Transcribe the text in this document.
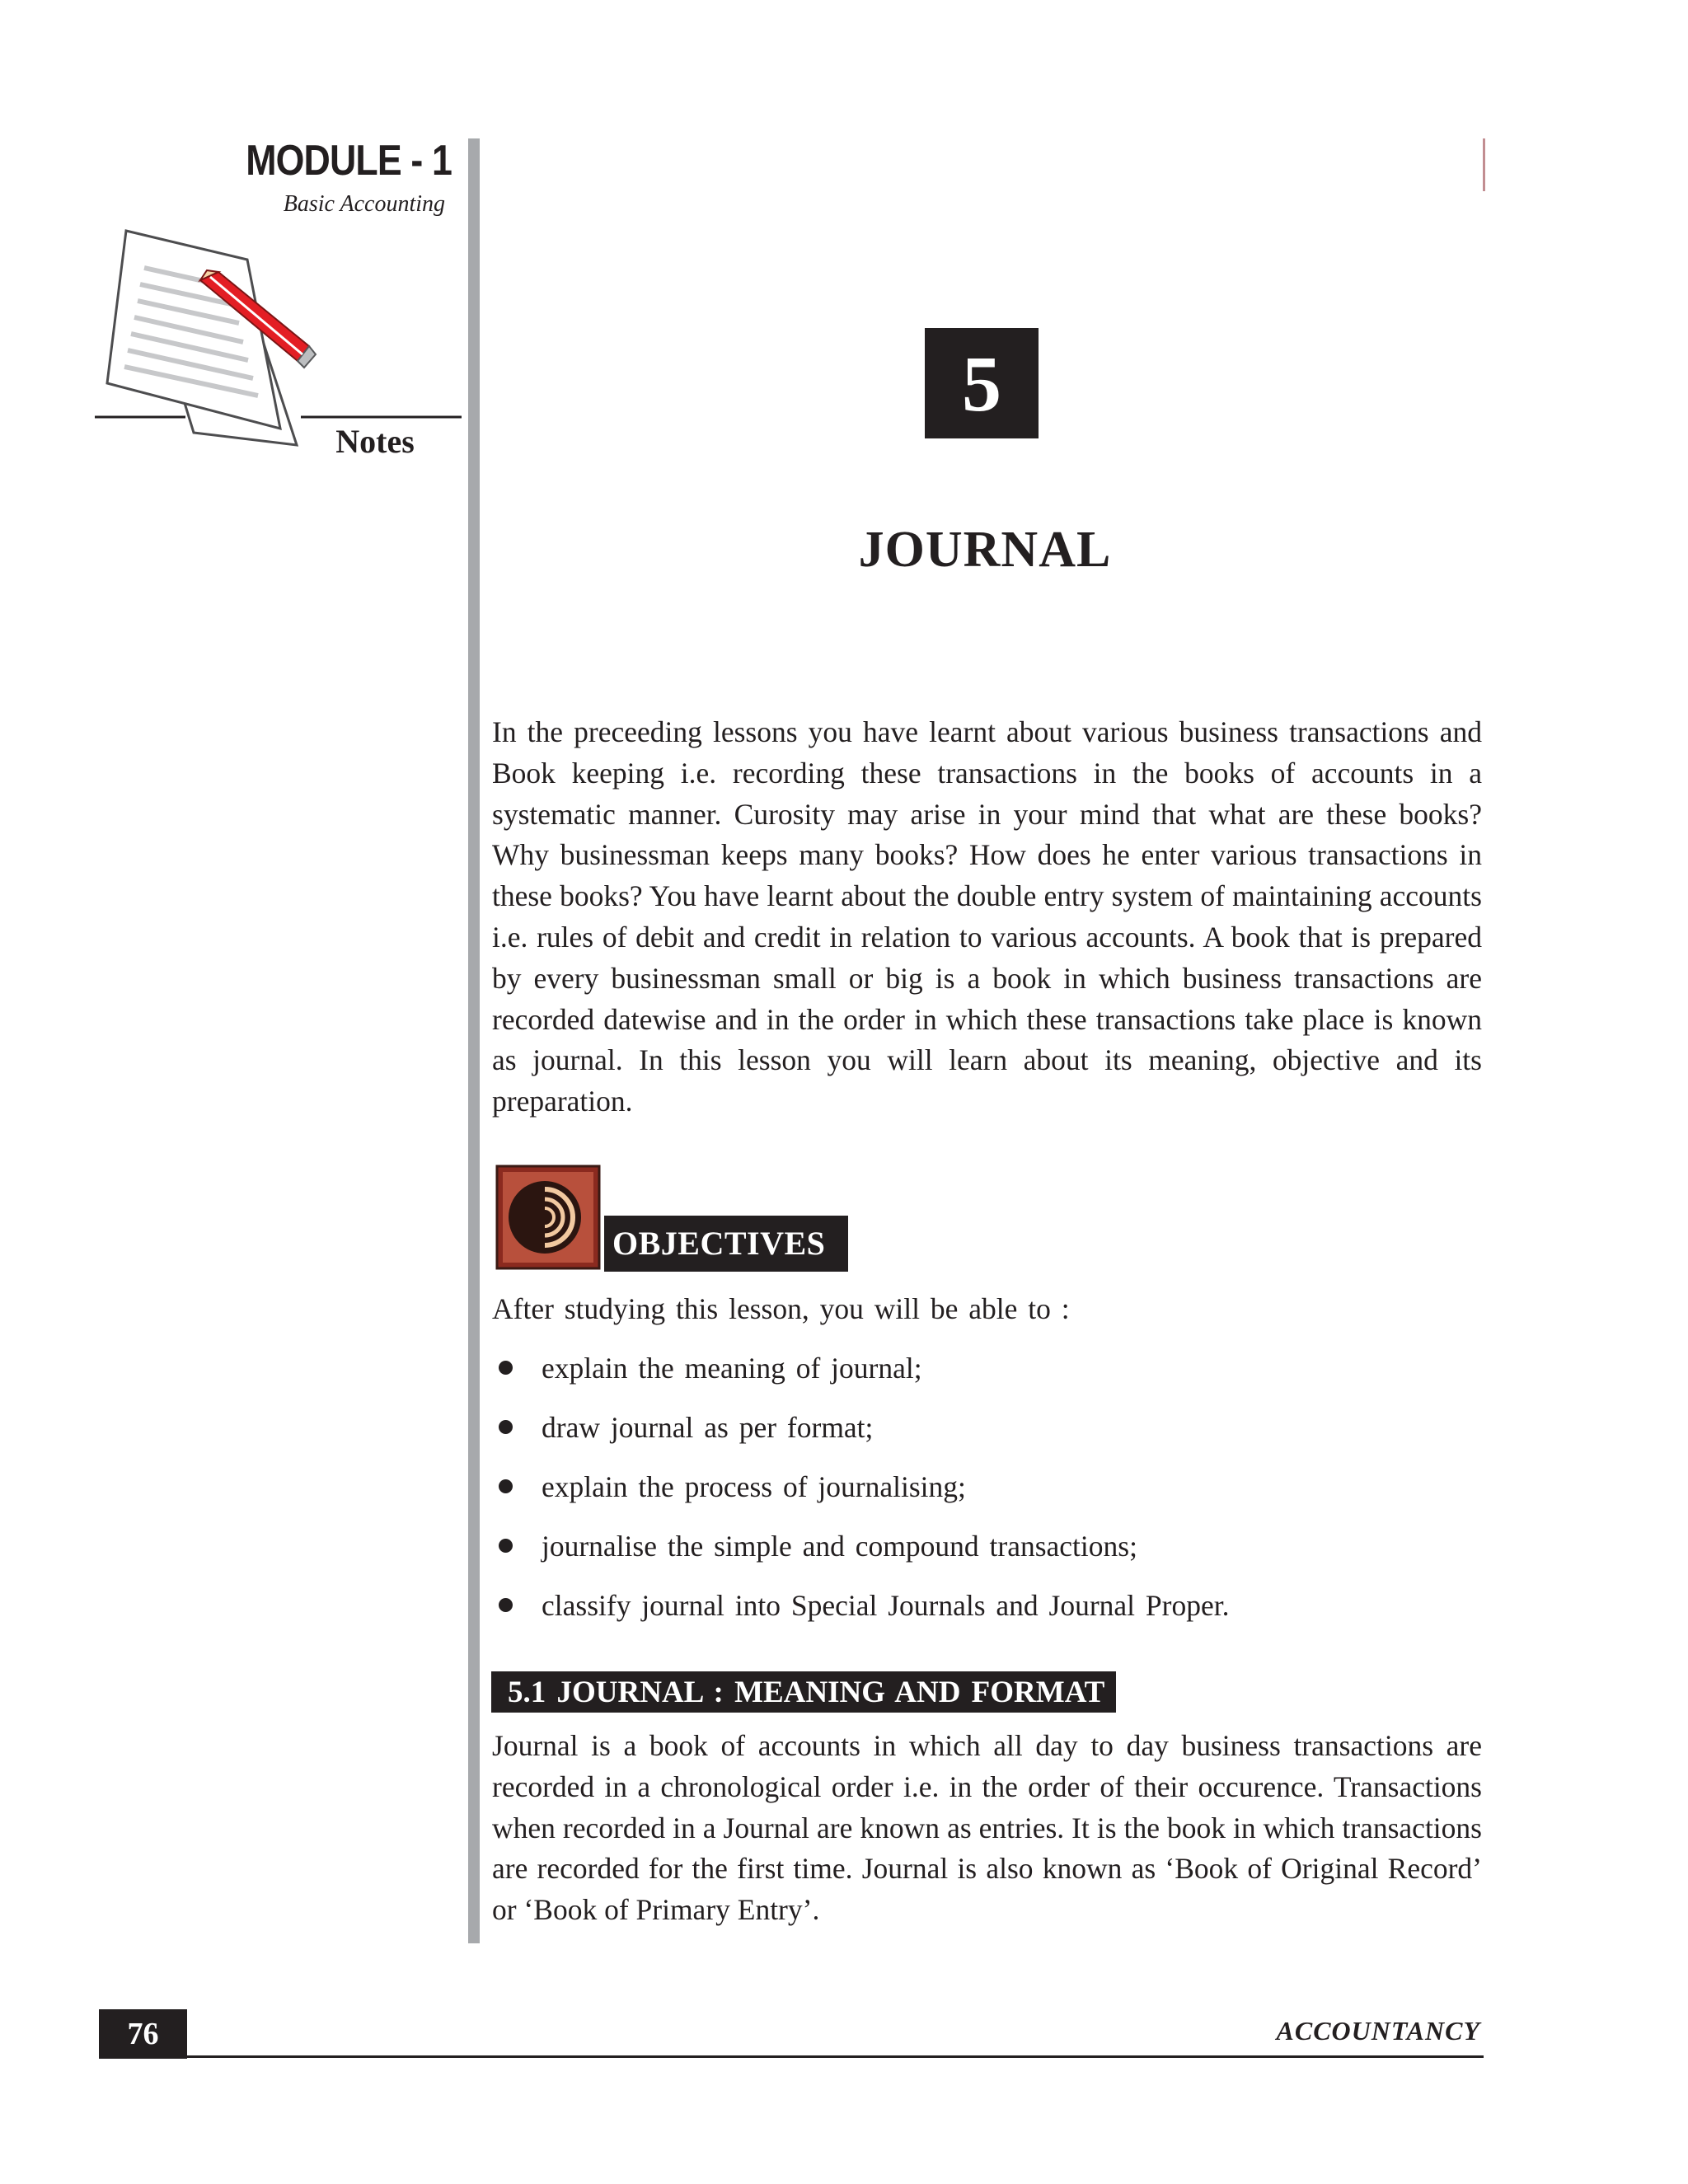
MODULE - 1
Basic Accounting
Notes
5
JOURNAL

In the preceeding lessons you have learnt about various business transactions and Book keeping i.e. recording these transactions in the books of accounts in a systematic manner. Curosity may arise in your mind that what are these books? Why businessman keeps many books? How does he enter various transactions in these books? You have learnt about the double entry system of maintaining accounts i.e. rules of debit and credit in relation to various accounts. A book that is prepared by every businessman small or big is a book in which business transactions are recorded datewise and in the order in which these transactions take place is known as journal. In this lesson you will learn about its meaning, objective and its preparation.

OBJECTIVES
After studying this lesson, you will be able to :
explain the meaning of journal;
draw journal as per format;
explain the process of journalising;
journalise the simple and compound transactions;
classify journal into Special Journals and Journal Proper.
5.1 JOURNAL : MEANING AND FORMAT

Journal is a book of accounts in which all day to day business transactions are recorded in a chronological order i.e. in the order of their occurence. Transactions when recorded in a Journal are known as entries. It is the book in which transactions are recorded for the first time. Journal is also known as ‘Book of Original Record’ or ‘Book of Primary Entry’.

76	ACCOUNTANCY
